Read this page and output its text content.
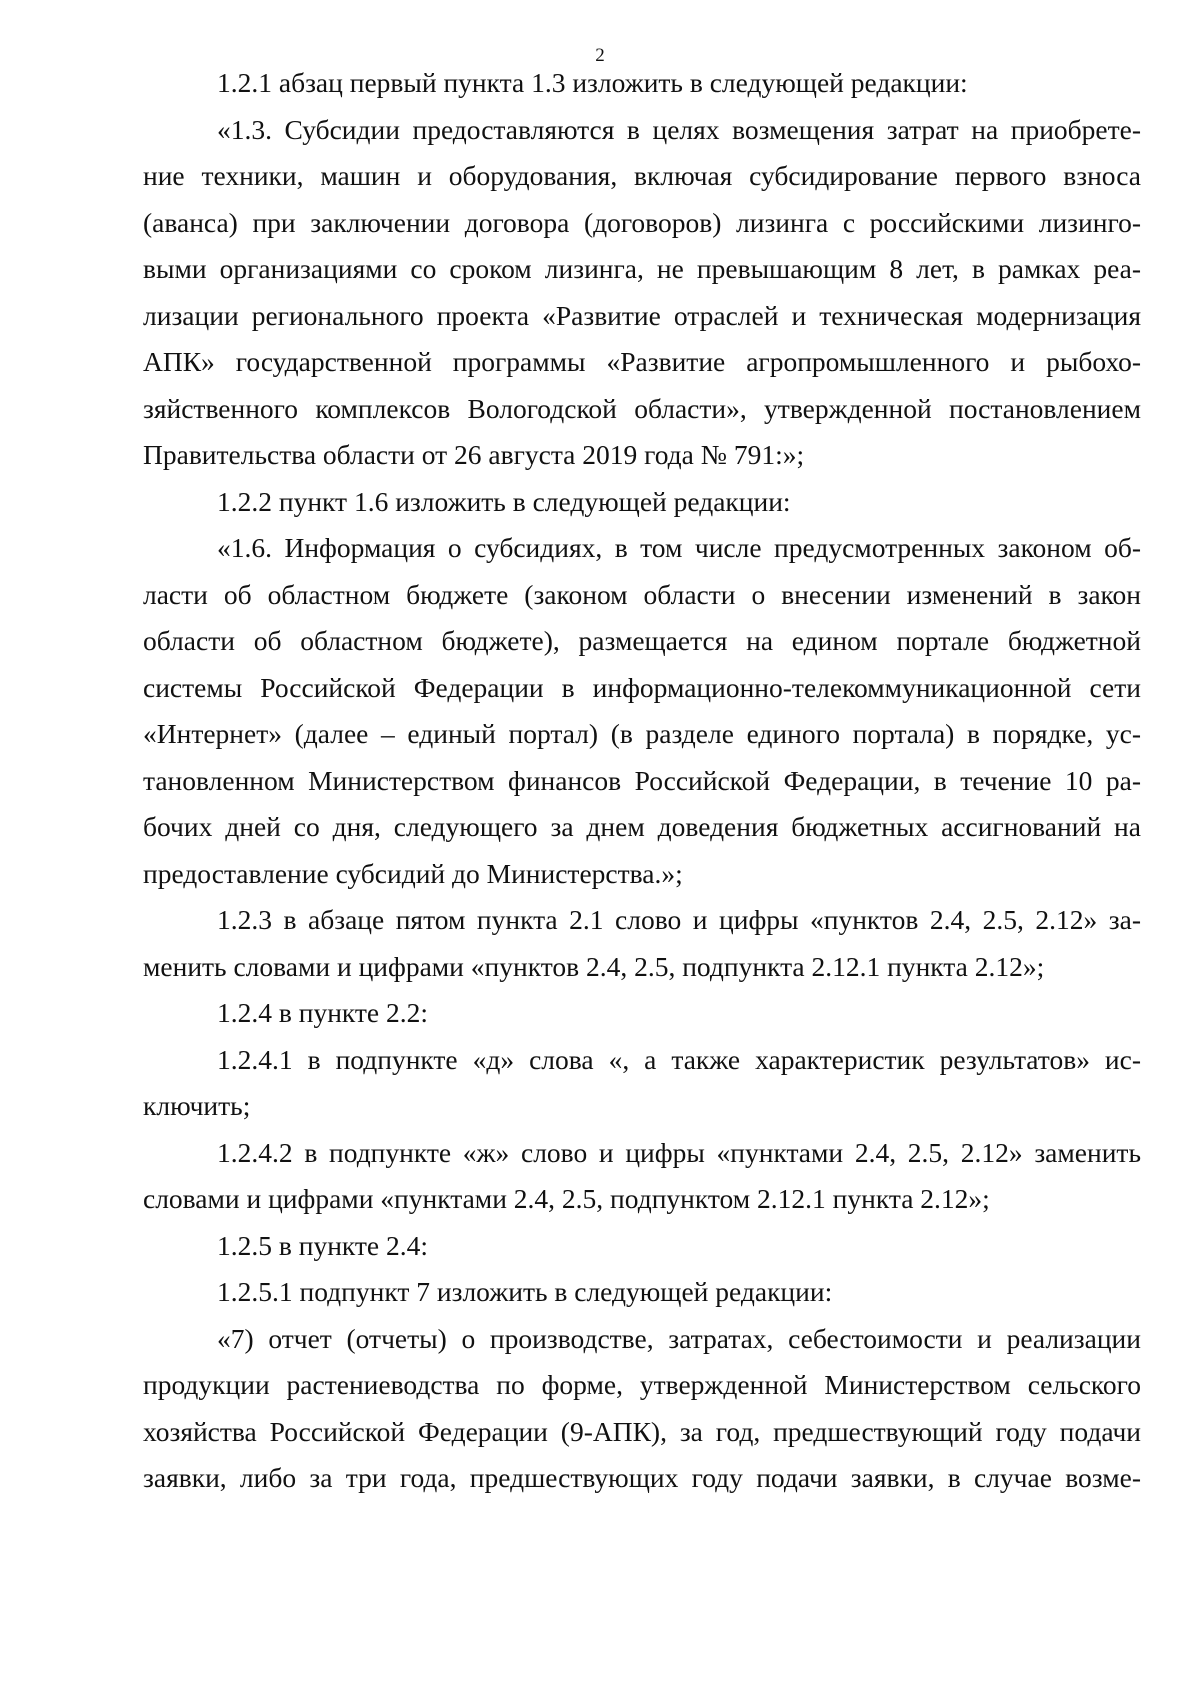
2
1.2.1 абзац первый пункта 1.3 изложить в следующей редакции:
«1.3. Субсидии предоставляются в целях возмещения затрат на приобрете-
ние техники, машин и оборудования, включая субсидирование первого взноса
(аванса) при заключении договора (договоров) лизинга с российскими лизинго-
выми организациями со сроком лизинга, не превышающим 8 лет, в рамках реа-
лизации регионального проекта «Развитие отраслей и техническая модернизация
АПК» государственной программы «Развитие агропромышленного и рыбохо-
зяйственного комплексов Вологодской области», утвержденной постановлением
Правительства области от 26 августа 2019 года № 791:»;
1.2.2 пункт 1.6 изложить в следующей редакции:
«1.6. Информация о субсидиях, в том числе предусмотренных законом об-
ласти об областном бюджете (законом области о внесении изменений в закон
области об областном бюджете), размещается на едином портале бюджетной
системы Российской Федерации в информационно-телекоммуникационной сети
«Интернет» (далее – единый портал) (в разделе единого портала) в порядке, ус-
тановленном Министерством финансов Российской Федерации, в течение 10 ра-
бочих дней со дня, следующего за днем доведения бюджетных ассигнований на
предоставление субсидий до Министерства.»;
1.2.3 в абзаце пятом пункта 2.1 слово и цифры «пунктов 2.4, 2.5, 2.12» за-
менить словами и цифрами «пунктов 2.4, 2.5, подпункта 2.12.1 пункта 2.12»;
1.2.4 в пункте 2.2:
1.2.4.1 в подпункте «д» слова «, а также характеристик результатов» ис-
ключить;
1.2.4.2 в подпункте «ж» слово и цифры «пунктами 2.4, 2.5, 2.12» заменить
словами и цифрами «пунктами 2.4, 2.5, подпунктом 2.12.1 пункта 2.12»;
1.2.5 в пункте 2.4:
1.2.5.1 подпункт 7 изложить в следующей редакции:
«7) отчет (отчеты) о производстве, затратах, себестоимости и реализации
продукции растениеводства по форме, утвержденной Министерством сельского
хозяйства Российской Федерации (9-АПК), за год, предшествующий году подачи
заявки, либо за три года, предшествующих году подачи заявки, в случае возме-
